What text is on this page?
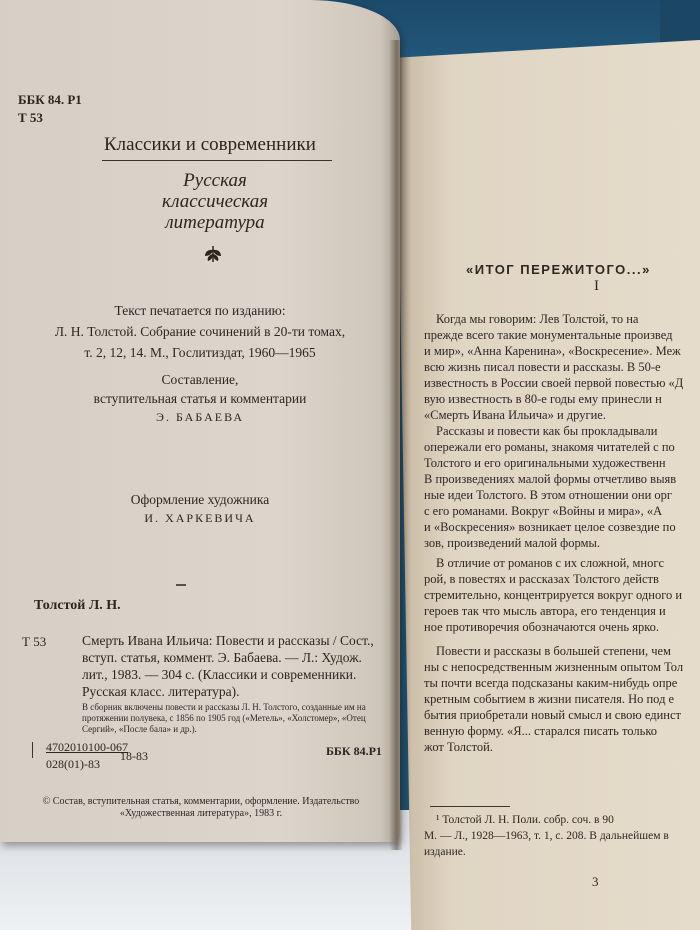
ББК 84. Р1
Т 53
Классики и современники
Русская
классическая
литература
Текст печатается по изданию:
Л. Н. Толстой. Собрание сочинений в 20-ти томах,
т. 2, 12, 14. М., Гослитиздат, 1960—1965
Составление,
вступительная статья и комментарии
Э. БАБАЕВА
Оформление художника
И. ХАРКЕВИЧА
Толстой Л. Н.
Т 53	Смерть Ивана Ильича: Повести и рассказы / Сост., вступ. статья, коммент. Э. Бабаева. — Л.: Худож. лит., 1983. — 304 с. (Классики и современники. Русская класс. литература).
В сборник включены повести и рассказы Л. Н. Толстого, созданные им на протяжении полувека, с 1856 по 1905 год («Метель», «Холстомер», «Отец Сергий», «После бала» и др.).
4702010100-067
028(01)-83
18-83	ББК 84.Р1
© Состав, вступительная статья, комментарии, оформление. Издательство «Художественная литература», 1983 г.
«ИТОГ ПЕРЕЖИТОГО...»
I
Когда мы говорим: Лев Толстой, то на
прежде всего такие монументальные произвед
и мир», «Анна Каренина», «Воскресение». Меж
всю жизнь писал повести и рассказы. В 50-е
известность в России своей первой повестью «Д
вую известность в 80-е годы ему принесли н
«Смерть Ивана Ильича» и другие.
Рассказы и повести как бы прокладывали
опережали его романы, знакомя читателей с по
Толстого и его оригинальными художественн
В произведениях малой формы отчетливо выяв
ные идеи Толстого. В этом отношении они орг
с его романами. Вокруг «Войны и мира», «А
и «Воскресения» возникает целое созвездие по
зов, произведений малой формы.
В отличие от романов с их сложной, многс
рой, в повестях и рассказах Толстого действ
стремительно, концентрируется вокруг одного и
героев так что мысль автора, его тенденция и
ное противоречия обозначаются очень ярко.
Повести и рассказы в большей степени, чем
ны с непосредственным жизненным опытом Тол
ты почти всегда подсказаны каким-нибудь опре
кретным событием в жизни писателя. Но под е
бытия приобретали новый смысл и свою единст
венную форму. «Я... старался писать только
жот Толстой.
¹ Толстой Л. Н. Поли. собр. соч. в 90
М. — Л., 1928—1963, т. 1, с. 208. В дальнейшем в
издание.
3
